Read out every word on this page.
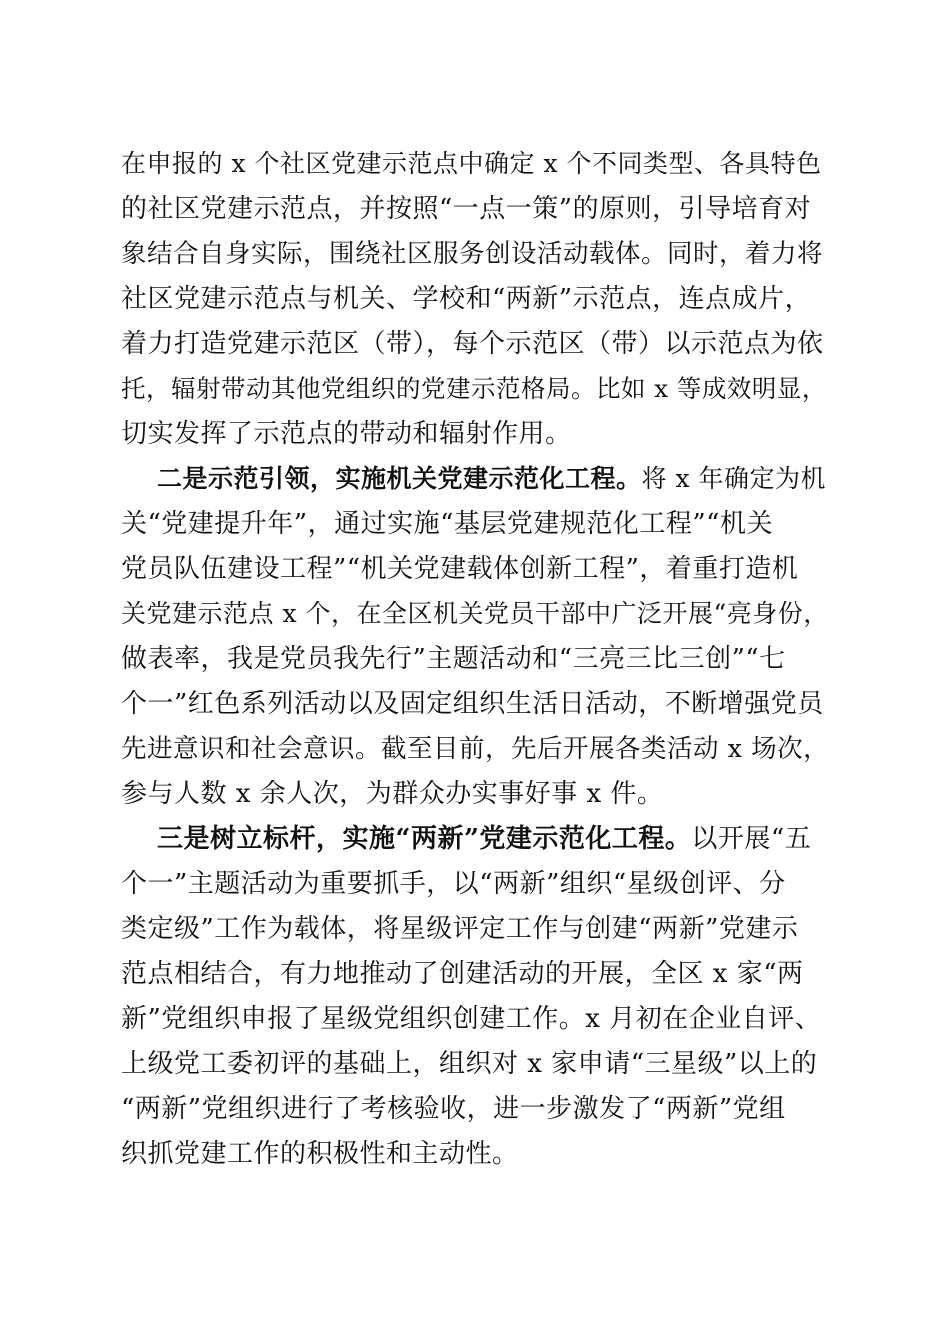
在申报的 x 个社区党建示范点中确定 x 个不同类型、各具特色
的社区党建示范点，并按照“一点一策”的原则，引导培育对
象结合自身实际，围绕社区服务创设活动载体。同时，着力将
社区党建示范点与机关、学校和“两新”示范点，连点成片，
着力打造党建示范区（带），每个示范区（带）以示范点为依
托，辐射带动其他党组织的党建示范格局。比如 x 等成效明显，
切实发挥了示范点的带动和辐射作用。
二是示范引领，实施机关党建示范化工程。将 x 年确定为机
关“党建提升年”，通过实施“基层党建规范化工程”“机关
党员队伍建设工程”“机关党建载体创新工程”，着重打造机
关党建示范点 x 个，在全区机关党员干部中广泛开展“亮身份，
做表率，我是党员我先行”主题活动和“三亮三比三创”“七
个一”红色系列活动以及固定组织生活日活动，不断增强党员
先进意识和社会意识。截至目前，先后开展各类活动 x 场次，
参与人数 x 余人次，为群众办实事好事 x 件。
三是树立标杆，实施“两新”党建示范化工程。以开展“五
个一”主题活动为重要抓手，以“两新”组织“星级创评、分
类定级”工作为载体，将星级评定工作与创建“两新”党建示
范点相结合，有力地推动了创建活动的开展，全区 x 家“两
新”党组织申报了星级党组织创建工作。x 月初在企业自评、
上级党工委初评的基础上，组织对 x 家申请“三星级”以上的
“两新”党组织进行了考核验收，进一步激发了“两新”党组
织抓党建工作的积极性和主动性。
